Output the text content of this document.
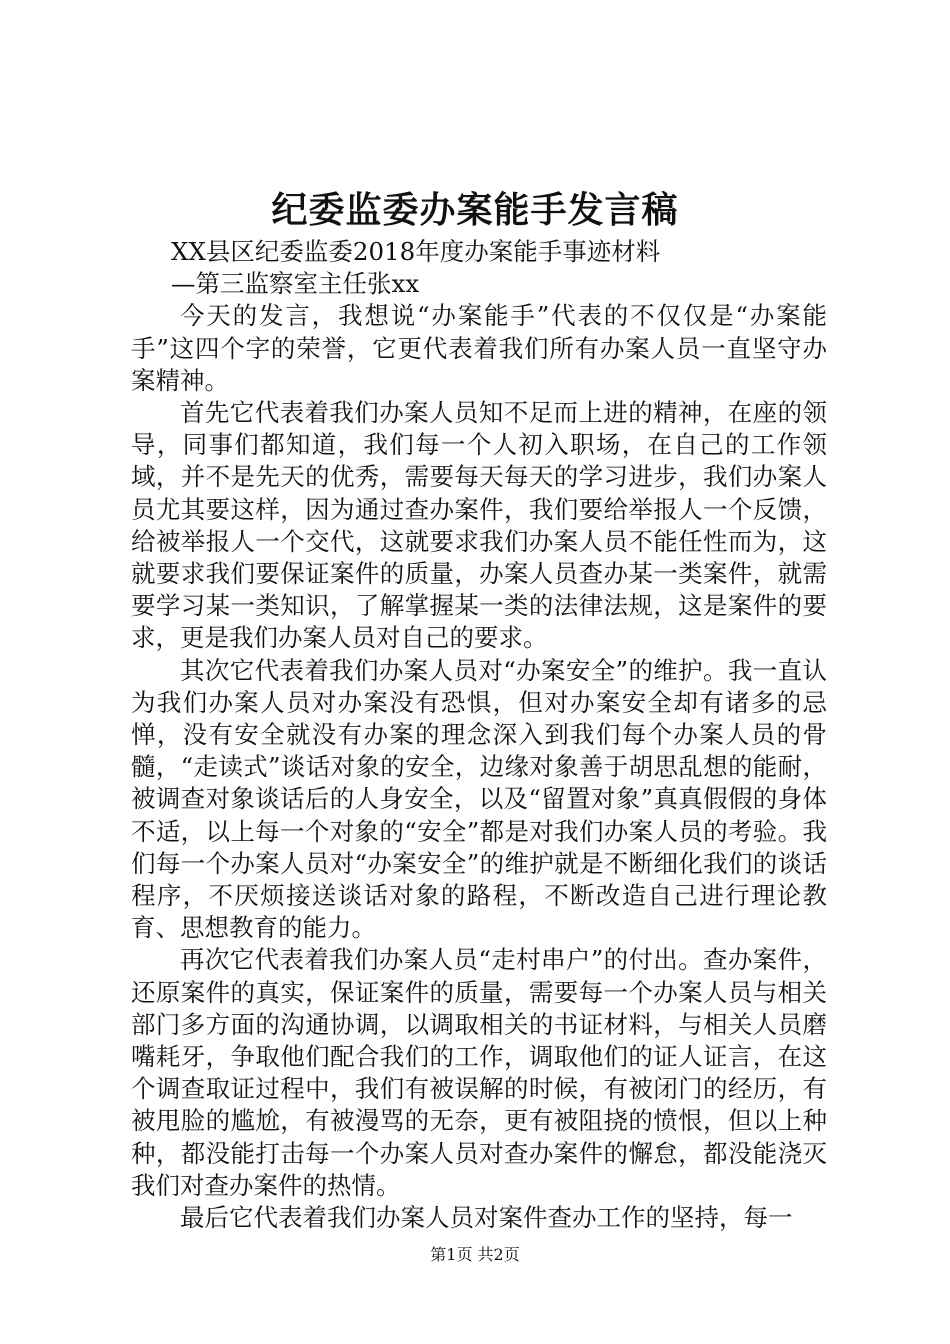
纪委监委办案能手发言稿

XX县区纪委监委2018年度办案能手事迹材料

—第三监察室主任张xx

今天的发言，我想说“办案能手”代表的不仅仅是“办案能手”这四个字的荣誉，它更代表着我们所有办案人员一直坚守办案精神。

首先它代表着我们办案人员知不足而上进的精神，在座的领导，同事们都知道，我们每一个人初入职场，在自己的工作领域，并不是先天的优秀，需要每天每天的学习进步，我们办案人员尤其要这样，因为通过查办案件，我们要给举报人一个反馈，给被举报人一个交代，这就要求我们办案人员不能任性而为，这就要求我们要保证案件的质量，办案人员查办某一类案件，就需要学习某一类知识，了解掌握某一类的法律法规，这是案件的要求，更是我们办案人员对自己的要求。

其次它代表着我们办案人员对“办案安全”的维护。我一直认为我们办案人员对办案没有恐惧，但对办案安全却有诸多的忌惮，没有安全就没有办案的理念深入到我们每个办案人员的骨髓，“走读式”谈话对象的安全，边缘对象善于胡思乱想的能耐，被调查对象谈话后的人身安全，以及“留置对象”真真假假的身体不适，以上每一个对象的“安全”都是对我们办案人员的考验。我们每一个办案人员对“办案安全”的维护就是不断细化我们的谈话程序，不厌烦接送谈话对象的路程，不断改造自己进行理论教育、思想教育的能力。

再次它代表着我们办案人员“走村串户”的付出。查办案件，还原案件的真实，保证案件的质量，需要每一个办案人员与相关部门多方面的沟通协调，以调取相关的书证材料，与相关人员磨嘴耗牙，争取他们配合我们的工作，调取他们的证人证言，在这个调查取证过程中，我们有被误解的时候，有被闭门的经历，有被甩脸的尴尬，有被漫骂的无奈，更有被阻挠的愤恨，但以上种种，都没能打击每一个办案人员对查办案件的懈怠，都没能浇灭我们对查办案件的热情。

最后它代表着我们办案人员对案件查办工作的坚持，每一

第1页 共2页
